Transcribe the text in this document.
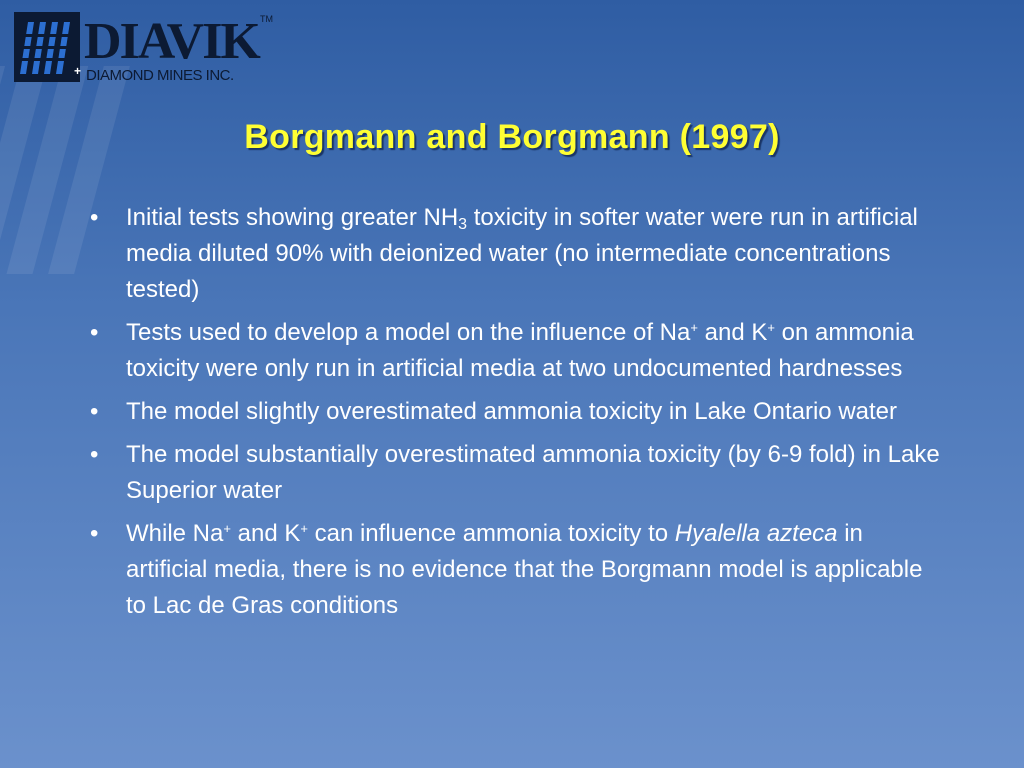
+
DIAVIK
DIAMOND MINES INC.
TM
Borgmann and Borgmann (1997)
• Initial tests showing greater $NH_3$ toxicity in softer water were run in artificial media diluted 90% with deionized water (no intermediate concentrations tested)
• Tests used to develop a model on the influence of Na+ and K+ on ammonia toxicity were only run in artificial media at two undocumented hardnesses
• The model slightly overestimated ammonia toxicity in Lake Ontario water
• The model substantially overestimated ammonia toxicity (by 6-9 fold) in Lake Superior water
• While Na+ and K+ can influence ammonia toxicity to Hyalella azteca in artificial media, there is no evidence that the Borgmann model is applicable to Lac de Gras conditions
